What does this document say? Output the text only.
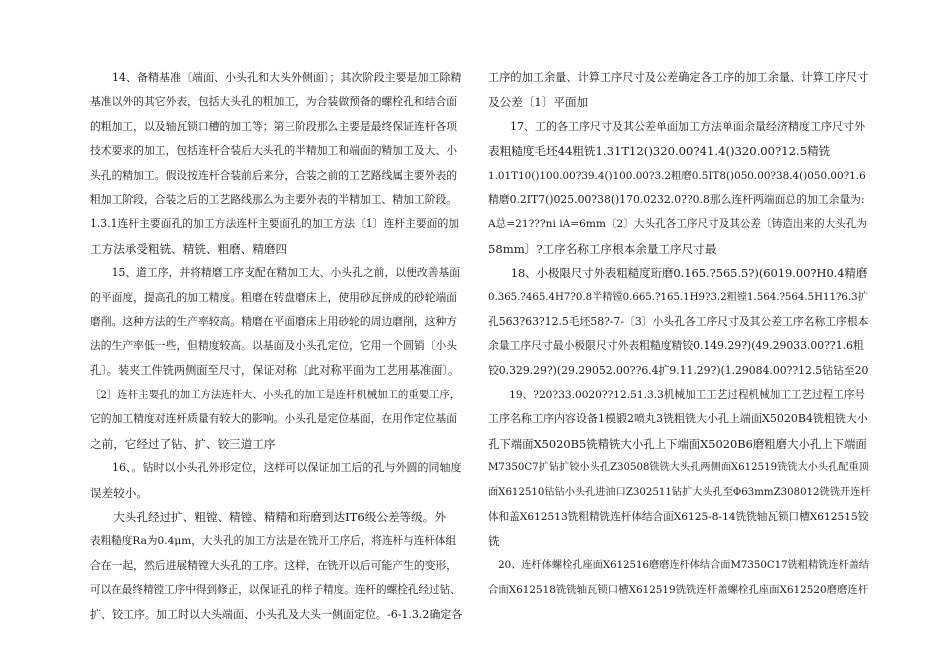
　　14、备精基准〔端面、小头孔和大头外侧面〕；其次阶段主要是加工除精
基准以外的其它外表，包括大头孔的粗加工，为合装做预备的螺栓孔和结合面
的粗加工，以及轴瓦锁口槽的加工等；第三阶段那么主要是最终保证连杆各项
技术要求的加工，包括连杆合装后大头孔的半精加工和端面的精加工及大、小
头孔的精加工。假设按连杆合装前后来分，合装之前的工艺路线属主要外表的
粗加工阶段，合装之后的工艺路线那么为主要外表的半精加工、精加工阶段。
1.3.1连杆主要面孔的加工方法连杆主要面孔的加工方法〔1〕连杆主要面的加
工方法承受粗铣、精铣、粗磨、精磨四
　　15、道工序，并将精磨工序支配在精加工大、小头孔之前，以便改善基面
的平面度，提高孔的加工精度。粗磨在转盘磨床上，使用砂瓦拼成的砂轮端面
磨削。这种方法的生产率较高。精磨在平面磨床上用砂轮的周边磨削，这种方
法的生产率低一些，但精度较高。以基面及小头孔定位，它用一个圆销〔小头
孔〕。装夹工件铣两侧面至尺寸，保证对称〔此对称平面为工艺用基准面〕。
〔2〕连杆主要孔的加工方法连杆大、小头孔的加工是连杆机械加工的重要工序，
它的加工精度对连杆质量有较大的影响。小头孔是定位基面，在用作定位基面
之前，它经过了钻、扩、铰三道工序
　　16、。钻时以小头孔外形定位，这样可以保证加工后的孔与外圆的同轴度
误差较小。
　　大头孔经过扩、粗镗、精镗、精精和珩磨到达IT6级公差等级。外
表粗糙度Ra为0.4μm，大头孔的加工方法是在铣开工序后，将连杆与连杆体组
合在一起，然后进展精镗大头孔的工序。这样，在铣开以后可能产生的变形，
可以在最终精镗工序中得到修正，以保证孔的样子精度。连杆的螺栓孔经过钻、
扩、铰工序。加工时以大头端面、小头孔及大头一侧面定位。-6-1.3.2确定各
工序的加工余量、计算工序尺寸及公差确定各工序的加工余量、计算工序尺寸
及公差〔1〕平面加
　　17、工的各工序尺寸及其公差单面加工方法单面余量经济精度工序尺寸外
表粗糙度毛坯44粗铣1.31T12()320.00?41.4()320.00?12.5精铣
1.01T10()100.00?39.4()100.00?3.2粗磨0.5IT8()050.00?38.4()050.00?1.6
精磨0.2IT7()025.00?38()170.0232.0??0.8那么连杆两端面总的加工余量为:
A总=21???ni iA=6mm〔2〕大头孔各工序尺寸及其公差〔铸造出来的大头孔为
58mm〕?工序名称工序根本余量工序尺寸最
　　18、小极限尺寸外表粗糙度珩磨0.165.?565.5?)(6019.00?H0.4精磨
0.365.?465.4H7?0.8半精镗0.665.?165.1H9?3.2粗镗1.564.?564.5H11?6.3扩
孔563?63?12.5毛坯58?-7-〔3〕小头孔各工序尺寸及其公差工序名称工序根本
余量工序尺寸最小极限尺寸外表粗糙度精铰0.149.29?)(49.29033.00??1.6粗
铰0.329.29?)(29.29052.00??6.4扩9.11.29?)(1.29084.00??12.5钻钻至20
　　19、?20?33.0020??12.51.3.3机械加工工艺过程机械加工工艺过程工序号
工序名称工序内容设备1模锻2喷丸3铣粗铣大小孔上端面X5020B4铣粗铣大小
孔下端面X5020B5铣精铣大小孔上下端面X5020B6磨粗磨大小孔上下端面
M7350C7扩钻扩铰小头孔Z30508铣铣大头孔两侧面X612519铣铣大小头孔配重顶
面X612510钻钻小头孔进油口Z302511钻扩大头孔至Φ63mmZ308012铣铣开连杆
体和盖X612513铣粗精铣连杆体结合面X6125-8-14铣铣轴瓦锁口槽X612515铰
铣
　20、连杆体螺栓孔座面X612516磨磨连杆体结合面M7350C17铣粗精铣连杆盖结
合面X612518铣铣轴瓦锁口槽X612519铣铣连杆盖螺栓孔座面X612520磨磨连杆
